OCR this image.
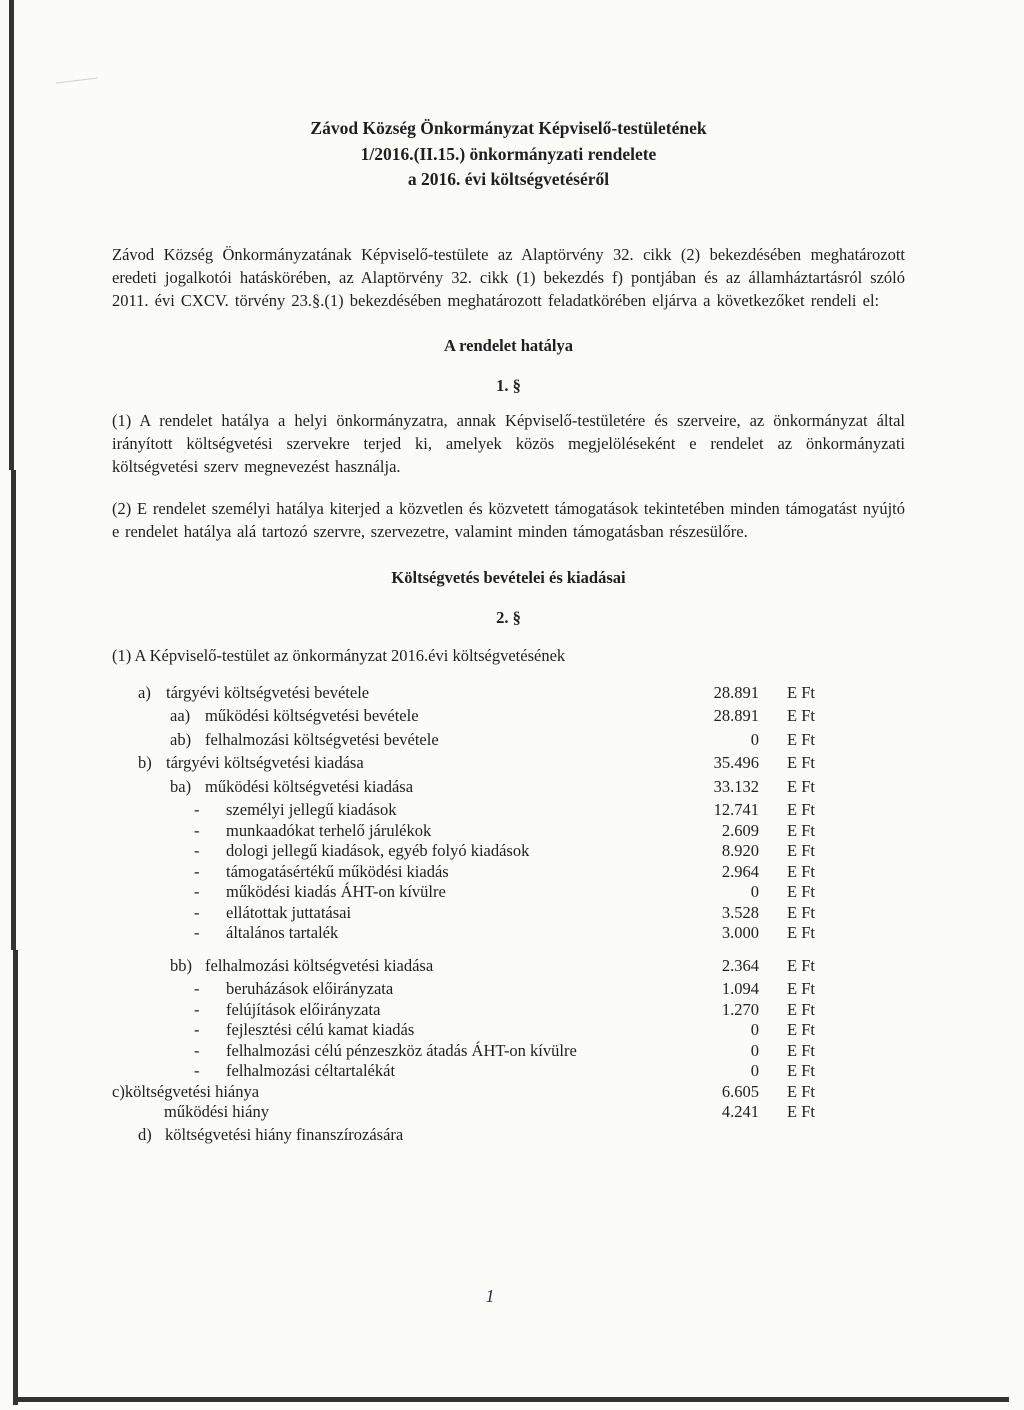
Závod Község Önkormányzat Képviselő-testületének
1/2016.(II.15.) önkormányzati rendelete
a 2016. évi költségvetéséről
Závod Község Önkormányzatának Képviselő-testülete az Alaptörvény 32. cikk (2) bekezdésében meghatározott eredeti jogalkotói hatáskörében, az Alaptörvény 32. cikk (1) bekezdés f) pontjában és az államháztartásról szóló 2011. évi CXCV. törvény 23.§.(1) bekezdésében meghatározott feladatkörében eljárva a következőket rendeli el:
A rendelet hatálya
1. §
(1) A rendelet hatálya a helyi önkormányzatra, annak Képviselő-testületére és szerveire, az önkormányzat által irányított költségvetési szervekre terjed ki, amelyek közös megjelöléseként e rendelet az önkormányzati költségvetési szerv megnevezést használja.
(2) E rendelet személyi hatálya kiterjed a közvetlen és közvetett támogatások tekintetében minden támogatást nyújtó e rendelet hatálya alá tartozó szervre, szervezetre, valamint minden támogatásban részesülőre.
Költségvetés bevételei és kiadásai
2. §
(1) A Képviselő-testület az önkormányzat 2016.évi költségvetésének
a) tárgyévi költségvetési bevétele	28.891	E Ft
aa) működési költségvetési bevétele	28.891	E Ft
ab) felhalmozási költségvetési bevétele	0	E Ft
b) tárgyévi költségvetési kiadása	35.496	E Ft
ba) működési költségvetési kiadása	33.132	E Ft
-	személyi jellegű kiadások	12.741	E Ft
-	munkaadókat terhelő járulékok	2.609	E Ft
-	dologi jellegű kiadások, egyéb folyó kiadások	8.920	E Ft
-	támogatásértékű működési kiadás	2.964	E Ft
-	működési kiadás ÁHT-on kívülre	0	E Ft
-	ellátottak juttatásai	3.528	E Ft
-	általános tartalék	3.000	E Ft
bb) felhalmozási költségvetési kiadása	2.364	E Ft
-	beruházások előirányzata	1.094	E Ft
-	felújítások előirányzata	1.270	E Ft
-	fejlesztési célú kamat kiadás	0	E Ft
-	felhalmozási célú pénzeszköz átadás ÁHT-on kívülre	0	E Ft
-	felhalmozási céltartalékát	0	E Ft
c)költségvetési hiánya	6.605	E Ft
működési hiány	4.241	E Ft
d) költségvetési hiány finanszírozására
1
